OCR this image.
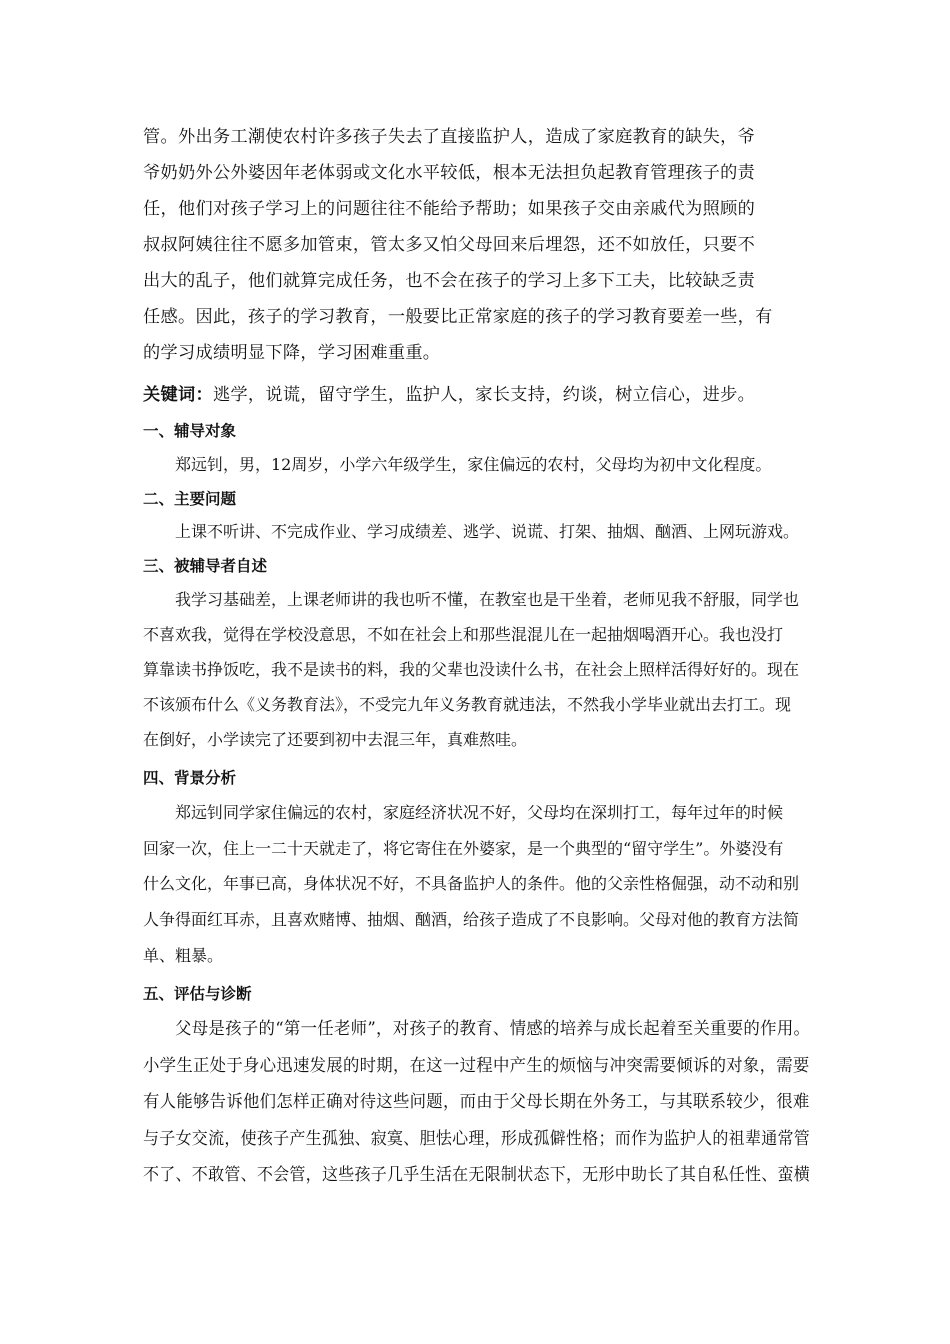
管。外出务工潮使农村许多孩子失去了直接监护人，造成了家庭教育的缺失，爷
爷奶奶外公外婆因年老体弱或文化水平较低，根本无法担负起教育管理孩子的责
任，他们对孩子学习上的问题往往不能给予帮助；如果孩子交由亲戚代为照顾的
叔叔阿姨往往不愿多加管束，管太多又怕父母回来后埋怨，还不如放任，只要不
出大的乱子，他们就算完成任务，也不会在孩子的学习上多下工夫，比较缺乏责
任感。因此，孩子的学习教育，一般要比正常家庭的孩子的学习教育要差一些，有
的学习成绩明显下降，学习困难重重。
关键词：逃学，说谎，留守学生，监护人，家长支持，约谈，树立信心，进步。
一、辅导对象
郑远钊，男，12周岁，小学六年级学生，家住偏远的农村，父母均为初中文化程度。
二、主要问题
上课不听讲、不完成作业、学习成绩差、逃学、说谎、打架、抽烟、酗酒、上网玩游戏。
三、被辅导者自述
我学习基础差，上课老师讲的我也听不懂，在教室也是干坐着，老师见我不舒服，同学也
不喜欢我，觉得在学校没意思，不如在社会上和那些混混儿在一起抽烟喝酒开心。我也没打
算靠读书挣饭吃，我不是读书的料，我的父辈也没读什么书，在社会上照样活得好好的。现在
不该颁布什么《义务教育法》，不受完九年义务教育就违法，不然我小学毕业就出去打工。现
在倒好，小学读完了还要到初中去混三年，真难熬哇。
四、背景分析
郑远钊同学家住偏远的农村，家庭经济状况不好，父母均在深圳打工，每年过年的时候
回家一次，住上一二十天就走了，将它寄住在外婆家，是一个典型的“留守学生”。外婆没有
什么文化，年事已高，身体状况不好，不具备监护人的条件。他的父亲性格倔强，动不动和别
人争得面红耳赤，且喜欢赌博、抽烟、酗酒，给孩子造成了不良影响。父母对他的教育方法简
单、粗暴。
五、评估与诊断
父母是孩子的“第一任老师”，对孩子的教育、情感的培养与成长起着至关重要的作用。
小学生正处于身心迅速发展的时期，在这一过程中产生的烦恼与冲突需要倾诉的对象，需要
有人能够告诉他们怎样正确对待这些问题，而由于父母长期在外务工，与其联系较少，很难
与子女交流，使孩子产生孤独、寂寞、胆怯心理，形成孤僻性格；而作为监护人的祖辈通常管
不了、不敢管、不会管，这些孩子几乎生活在无限制状态下，无形中助长了其自私任性、蛮横
